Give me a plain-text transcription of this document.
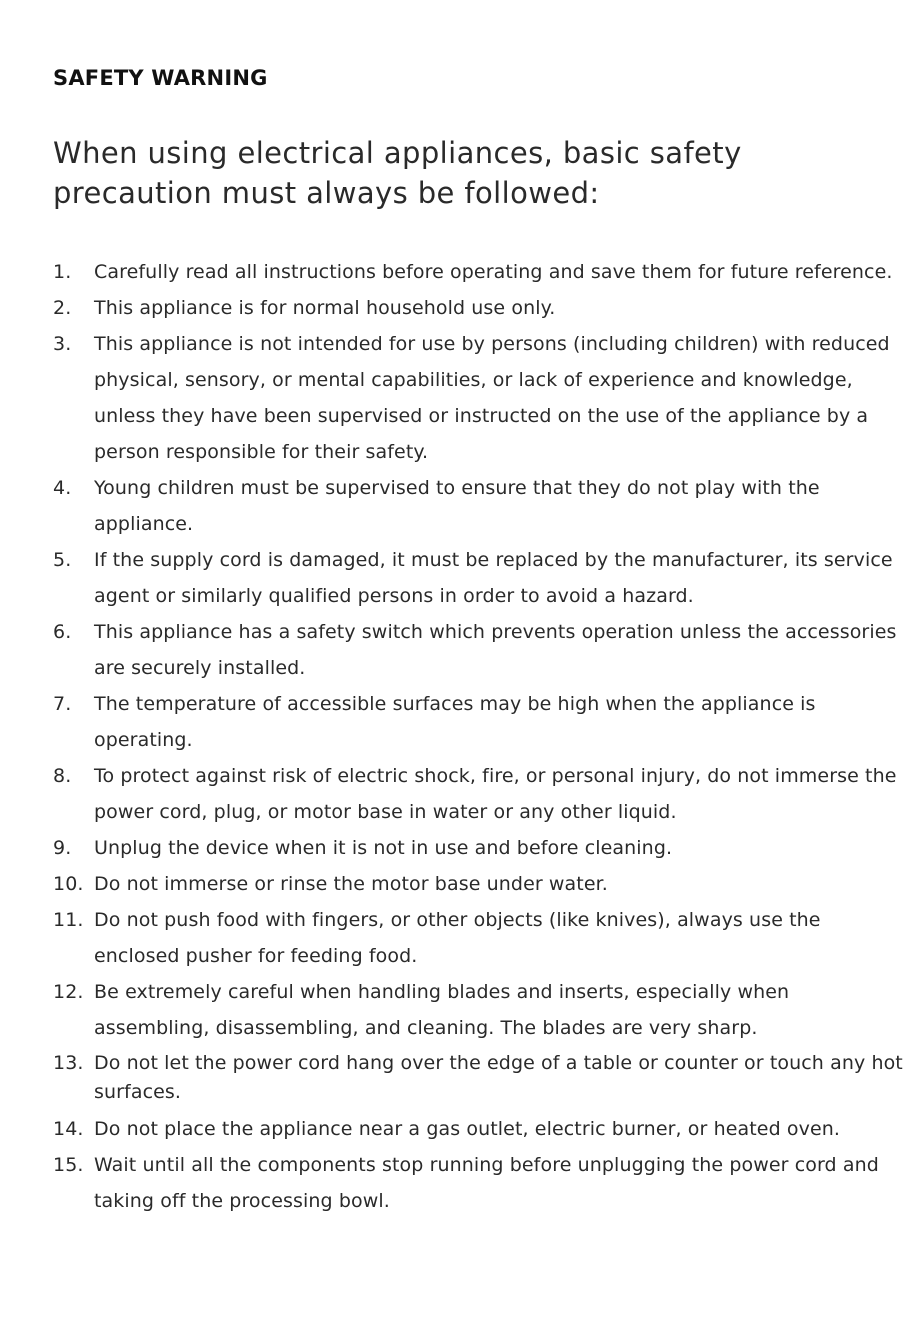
SAFETY WARNING

When using electrical appliances, basic safety precaution must always be followed:

1.	Carefully read all instructions before operating and save them for future reference.
2.	This appliance is for normal household use only.
3.	This appliance is not intended for use by persons (including children) with reduced physical, sensory, or mental capabilities, or lack of experience and knowledge, unless they have been supervised or instructed on the use of the appliance by a person responsible for their safety.
4.	Young children must be supervised to ensure that they do not play with the appliance.
5.	If the supply cord is damaged, it must be replaced by the manufacturer, its service agent or similarly qualified persons in order to avoid a hazard.
6.	This appliance has a safety switch which prevents operation unless the accessories are securely installed.
7.	The temperature of accessible surfaces may be high when the appliance is operating.
8.	To protect against risk of electric shock, fire, or personal injury, do not immerse the power cord, plug, or motor base in water or any other liquid.
9.	Unplug the device when it is not in use and before cleaning.
10. Do not immerse or rinse the motor base under water.
11. Do not push food with fingers, or other objects (like knives), always use the enclosed pusher for feeding food.
12. Be extremely careful when handling blades and inserts, especially when assembling, disassembling, and cleaning. The blades are very sharp.
13. Do not let the power cord hang over the edge of a table or counter or touch any hot surfaces.
14. Do not place the appliance near a gas outlet, electric burner, or heated oven.
15. Wait until all the components stop running before unplugging the power cord and taking off the processing bowl.
